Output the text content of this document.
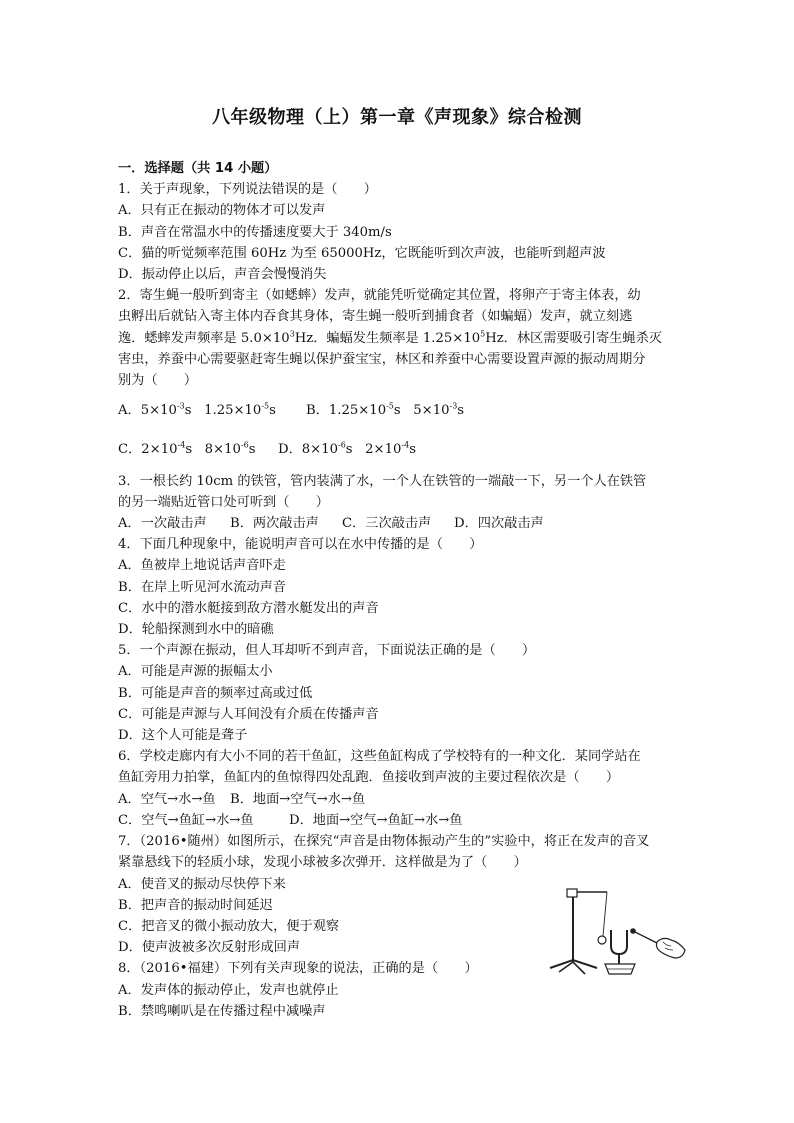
八年级物理（上）第一章《声现象》综合检测
一．选择题（共 14 小题）
1．关于声现象，下列说法错误的是（　　）
A．只有正在振动的物体才可以发声
B．声音在常温水中的传播速度要大于 340m/s
C．猫的听觉频率范围 60Hz 为至 65000Hz，它既能听到次声波，也能听到超声波
D．振动停止以后，声音会慢慢消失
2．寄生蝇一般听到寄主（如蟋蟀）发声，就能凭听觉确定其位置，将卵产于寄主体表，幼
虫孵出后就钻入寄主体内吞食其身体，寄生蝇一般听到捕食者（如蝙蝠）发声，就立刻逃
逸．蟋蟀发声频率是 $5.0\times 10^3Hz$．蝙蝠发生频率是 $1.25\times 10^5Hz$．林区需要吸引寄生蝇杀灭
害虫，养蚕中心需要驱赶寄生蝇以保护蚕宝宝，林区和养蚕中心需要设置声源的振动周期分
别为（　　）
A．$5\times 10^{-3}s$ $1.25\times 10^{-5}s$ B．$1.25\times 10^{-5}s$ $5\times 10^{-3}s$
C．$2\times 10^{-4}s$ $8\times 10^{-6}s$ D．$8\times 10^{-6}s$ $2\times 10^{-4}s$
3．一根长约 10cm 的铁管，管内装满了水，一个人在铁管的一端敲一下，另一个人在铁管
的另一端贴近管口处可听到（　　）
A．一次敲击声 B．两次敲击声 C．三次敲击声 D．四次敲击声
4．下面几种现象中，能说明声音可以在水中传播的是（　　）
A．鱼被岸上地说话声音吓走
B．在岸上听见河水流动声音
C．水中的潜水艇接到敌方潜水艇发出的声音
D．轮船探测到水中的暗礁
5．一个声源在振动，但人耳却听不到声音，下面说法正确的是（　　）
A．可能是声源的振幅太小
B．可能是声音的频率过高或过低
C．可能是声源与人耳间没有介质在传播声音
D．这个人可能是聋子
6．学校走廊内有大小不同的若干鱼缸，这些鱼缸构成了学校特有的一种文化．某同学站在
鱼缸旁用力拍掌，鱼缸内的鱼惊得四处乱跑．鱼接收到声波的主要过程依次是（　　）
A．空气→水→鱼 B．地面→空气→水→鱼
C．空气→鱼缸→水→鱼	D．地面→空气→鱼缸→水→鱼
7．（2016•随州）如图所示，在探究“声音是由物体振动产生的”实验中，将正在发声的音叉
紧靠悬线下的轻质小球，发现小球被多次弹开．这样做是为了（　　）
A．使音叉的振动尽快停下来
B．把声音的振动时间延迟
C．把音叉的微小振动放大，便于观察
D．使声波被多次反射形成回声
8．（2016•福建）下列有关声现象的说法，正确的是（　　）
A．发声体的振动停止，发声也就停止
B．禁鸣喇叭是在传播过程中减噪声
